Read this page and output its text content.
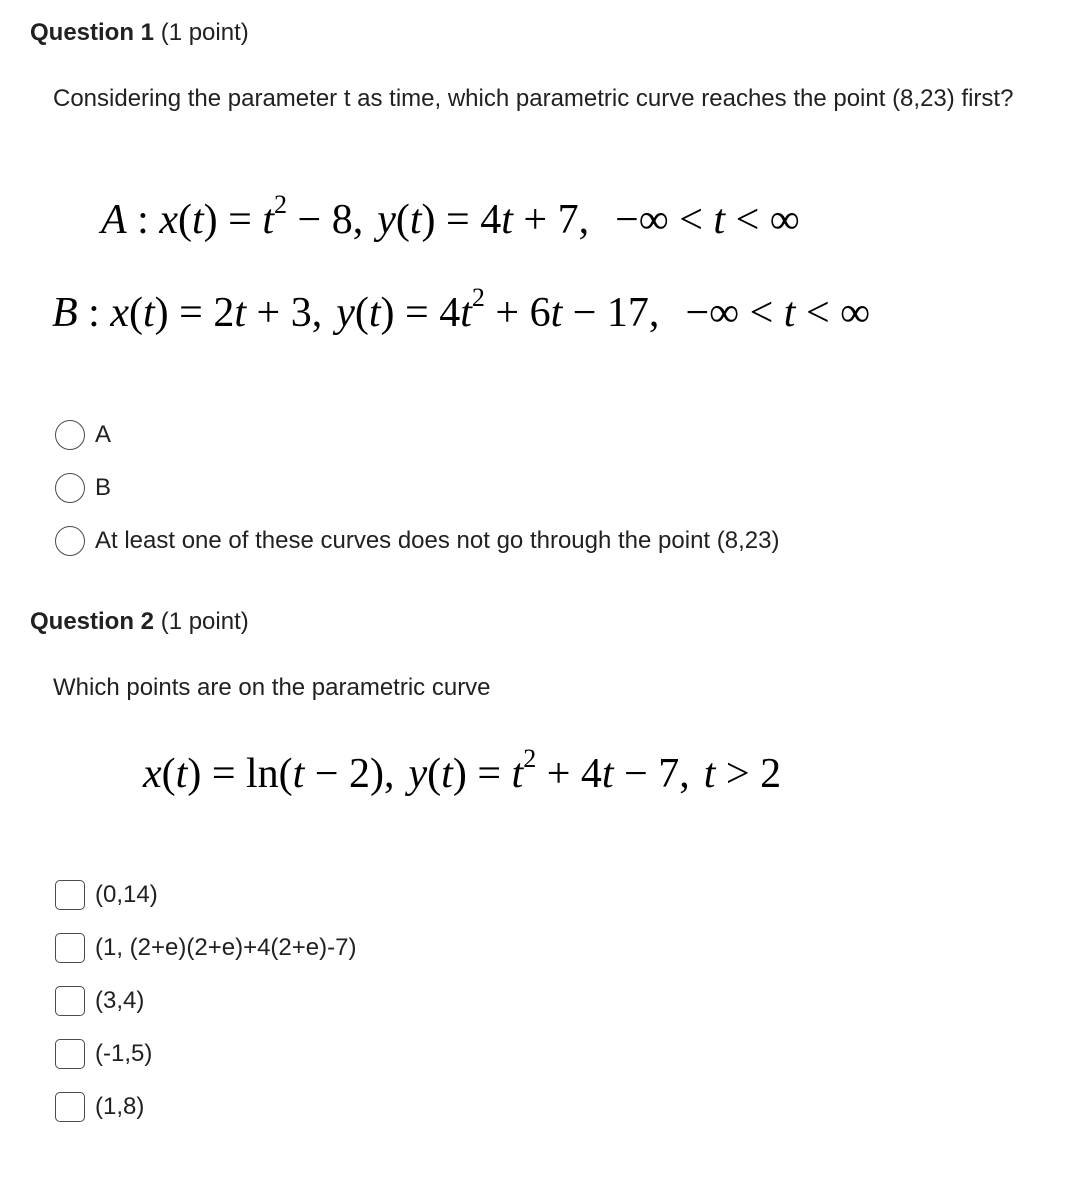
Question 1 (1 point)
Considering the parameter t as time, which parametric curve reaches the point (8,23) first?
A : $x(t) = t^2 - 8$, y(t) = 4t + 7, −∞ < t < ∞
B : x(t) = 2t + 3, $y(t) = 4t^2 + 6t - 17$, −∞ < t < ∞
A
B
At least one of these curves does not go through the point (8,23)
Question 2 (1 point)
Which points are on the parametric curve
x(t) = ln(t − 2), $y(t) = t^2 + 4t - 7$, t > 2
(0,14)
(1, (2+e)(2+e)+4(2+e)-7)
(3,4)
(-1,5)
(1,8)
